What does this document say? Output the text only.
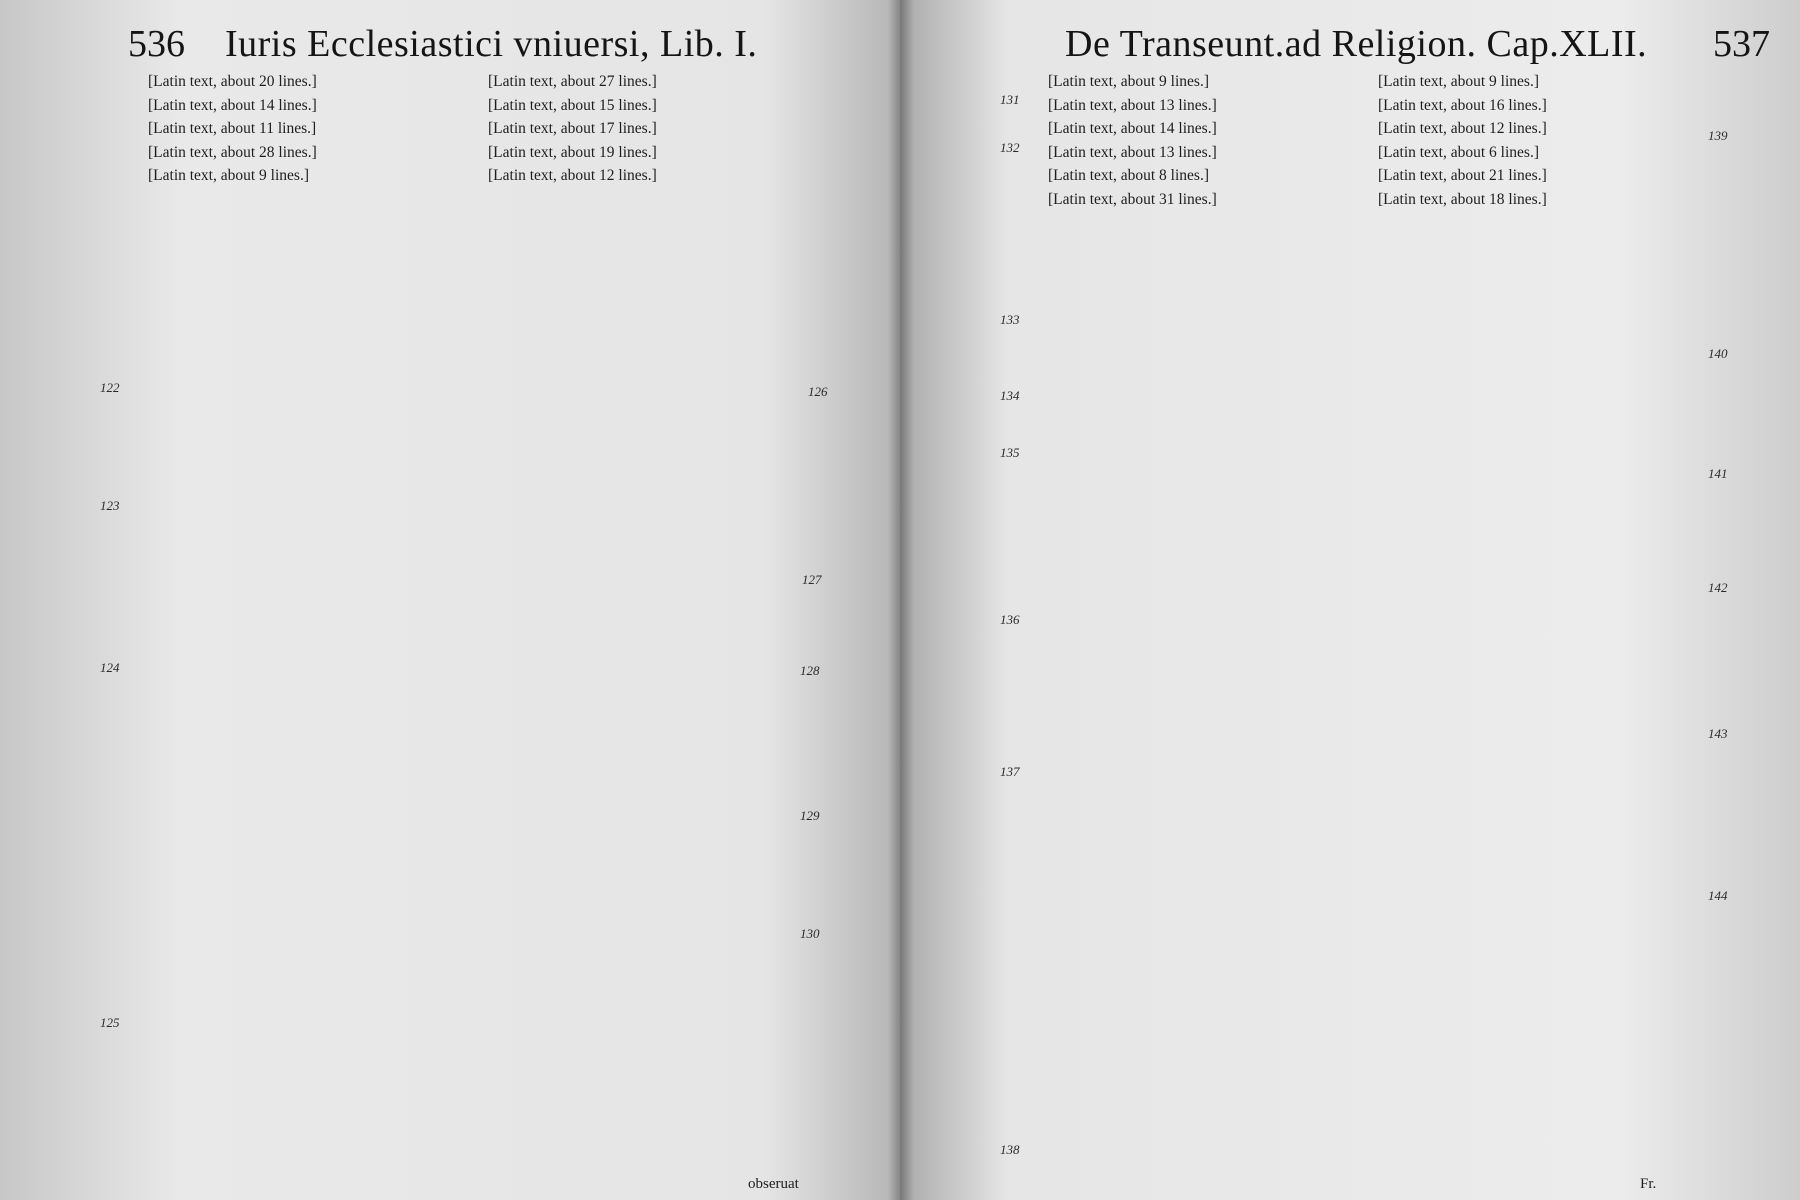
536 Iuris Ecclesiastici vniuersi, Lib. I.

[Latin text, about 20 lines.]

[Latin text, about 14 lines.]

[Latin text, about 11 lines.]

[Latin text, about 28 lines.]

[Latin text, about 9 lines.]

[Latin text, about 27 lines.]

[Latin text, about 15 lines.]

[Latin text, about 17 lines.]

[Latin text, about 19 lines.]

[Latin text, about 12 lines.]

122
123
124
125
126
127
128
129
130
obseruat
De Transeunt.ad Religion. Cap.XLII. 537

[Latin text, about 9 lines.]

[Latin text, about 13 lines.]

[Latin text, about 14 lines.]

[Latin text, about 13 lines.]

[Latin text, about 8 lines.]

[Latin text, about 31 lines.]

[Latin text, about 9 lines.]

[Latin text, about 16 lines.]

[Latin text, about 12 lines.]

[Latin text, about 6 lines.]

[Latin text, about 21 lines.]

[Latin text, about 18 lines.]

131
132
133
134
135
136
137
138
139
140
141
142
143
144
Fr.
